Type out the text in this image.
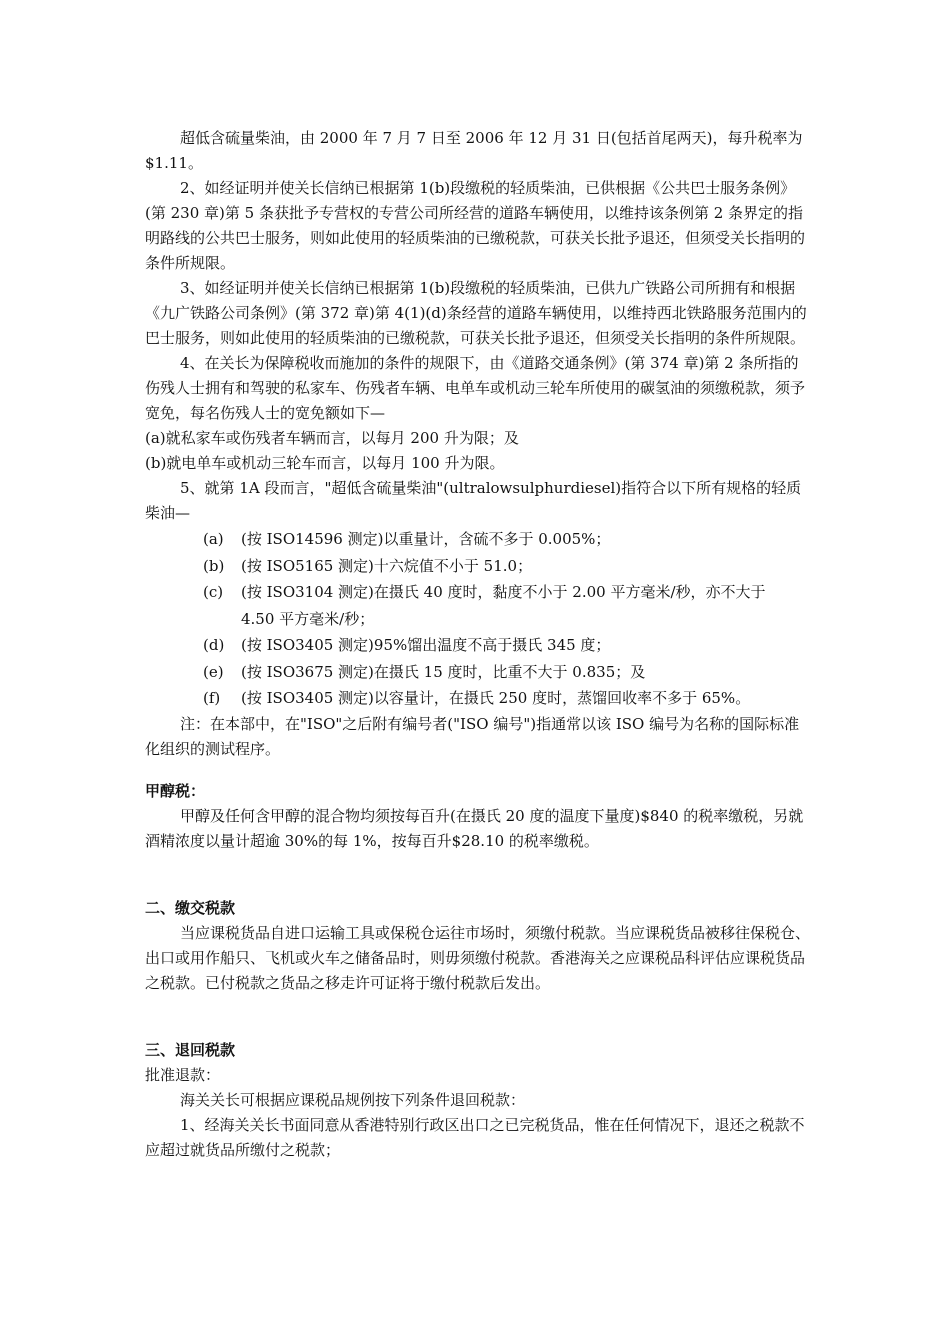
超低含硫量柴油，由 2000 年 7 月 7 日至 2006 年 12 月 31 日(包括首尾两天)，每升税率为$1.11。

2、如经证明并使关长信纳已根据第 1(b)段缴税的轻质柴油，已供根据《公共巴士服务条例》(第 230 章)第 5 条获批予专营权的专营公司所经营的道路车辆使用，以维持该条例第 2 条界定的指明路线的公共巴士服务，则如此使用的轻质柴油的已缴税款，可获关长批予退还，但须受关长指明的条件所规限。

3、如经证明并使关长信纳已根据第 1(b)段缴税的轻质柴油，已供九广铁路公司所拥有和根据《九广铁路公司条例》(第 372 章)第 4(1)(d)条经营的道路车辆使用，以维持西北铁路服务范围内的巴士服务，则如此使用的轻质柴油的已缴税款，可获关长批予退还，但须受关长指明的条件所规限。

4、在关长为保障税收而施加的条件的规限下，由《道路交通条例》(第 374 章)第 2 条所指的伤残人士拥有和驾驶的私家车、伤残者车辆、电单车或机动三轮车所使用的碳氢油的须缴税款，须予宽免，每名伤残人士的宽免额如下—

(a)就私家车或伤残者车辆而言，以每月 200 升为限；及

(b)就电单车或机动三轮车而言，以每月 100 升为限。

5、就第 1A 段而言，"超低含硫量柴油"(ultralowsulphurdiesel)指符合以下所有规格的轻质柴油—

(a)	(按 ISO14596 测定)以重量计，含硫不多于 0.005%；
(b)	(按 ISO5165 测定)十六烷值不小于 51.0；
(c)	(按 ISO3104 测定)在摄氏 40 度时，黏度不小于 2.00 平方毫米/秒，亦不大于 4.50 平方毫米/秒；
(d)	(按 ISO3405 测定)95%馏出温度不高于摄氏 345 度；
(e)	(按 ISO3675 测定)在摄氏 15 度时，比重不大于 0.835；及
(f)	(按 ISO3405 测定)以容量计，在摄氏 250 度时，蒸馏回收率不多于 65%。

注：在本部中，在"ISO"之后附有编号者("ISO 编号")指通常以该 ISO 编号为名称的国际标准化组织的测试程序。

甲醇税：

甲醇及任何含甲醇的混合物均须按每百升(在摄氏 20 度的温度下量度)$840 的税率缴税，另就酒精浓度以量计超逾 30%的每 1%，按每百升$28.10 的税率缴税。

二、缴交税款

当应课税货品自进口运输工具或保税仓运往市场时，须缴付税款。当应课税货品被移往保税仓、出口或用作船只、飞机或火车之储备品时，则毋须缴付税款。香港海关之应课税品科评估应课税货品之税款。已付税款之货品之移走许可证将于缴付税款后发出。

三、退回税款

批准退款：

海关关长可根据应课税品规例按下列条件退回税款：

1、经海关关长书面同意从香港特别行政区出口之已完税货品，惟在任何情况下，退还之税款不应超过就货品所缴付之税款；
